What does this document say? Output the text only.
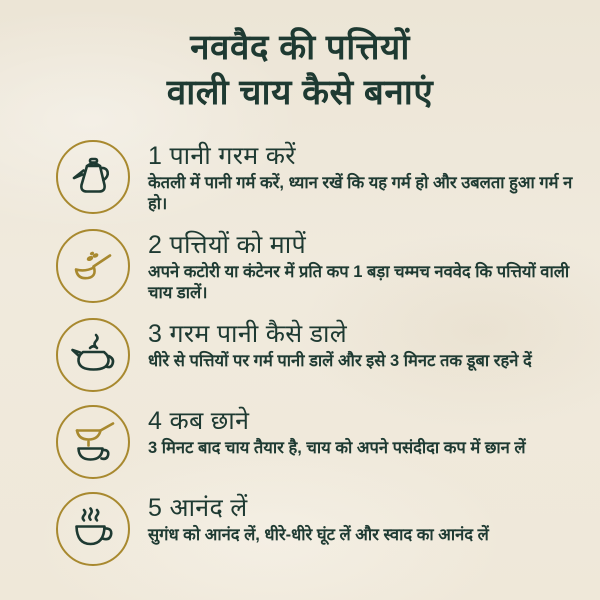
नववैद की पत्तियों
वाली चाय कैसे बनाएं
1 पानी गरम करें
केतली में पानी गर्म करें, ध्यान रखें कि यह गर्म हो और उबलता हुआ गर्म न हो।
2 पत्तियों को मापें
अपने कटोरी या कंटेनर में प्रति कप 1 बड़ा चम्मच नववेद कि पत्तियों वाली चाय डालें।
3 गरम पानी कैसे डाले
धीरे से पत्तियों पर गर्म पानी डालें और इसे 3 मिनट तक डूबा रहने दें
4 कब छाने
3 मिनट बाद चाय तैयार है, चाय को अपने पसंदीदा कप में छान लें
5 आनंद लें
सुगंध को आनंद लें, धीरे-धीरे घूंट लें और स्वाद का आनंद लें
